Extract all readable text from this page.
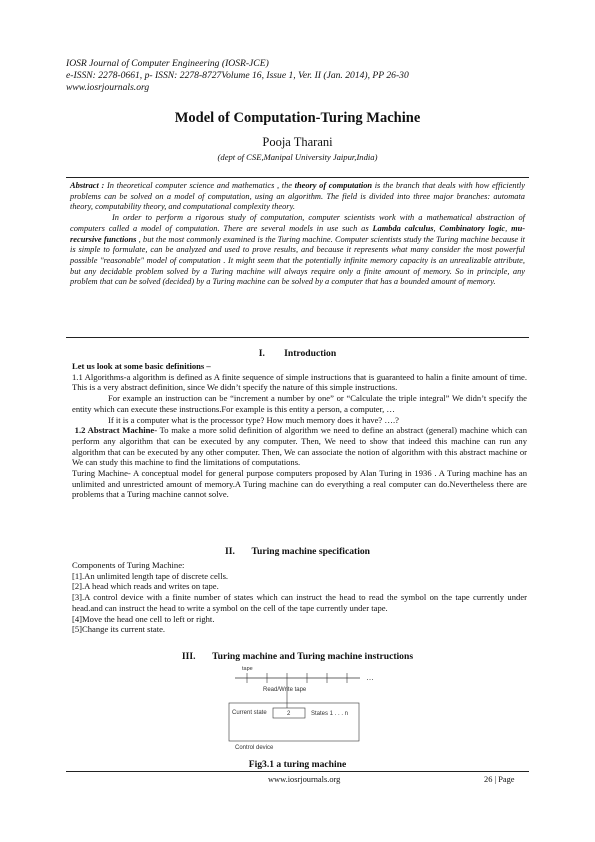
IOSR Journal of Computer Engineering (IOSR-JCE)
e-ISSN: 2278-0661, p- ISSN: 2278-8727Volume 16, Issue 1, Ver. II (Jan. 2014), PP 26-30
www.iosrjournals.org
Model of Computation-Turing Machine
Pooja Tharani
(dept of CSE,Manipal University Jaipur,India)

Abstract : In theoretical computer science and mathematics , the theory of computation is the branch that deals with how efficiently problems can be solved on a model of computation, using an algorithm. The field is divided into three major branches: automata theory, computability theory, and computational complexity theory.

In order to perform a rigorous study of computation, computer scientists work with a mathematical abstraction of computers called a model of computation. There are several models in use such as Lambda calculus, Combinatory logic, mu-recursive functions , but the most commonly examined is the Turing machine. Computer scientists study the Turing machine because it is simple to formulate, can be analyzed and used to prove results, and because it represents what many consider the most powerful possible "reasonable" model of computation . It might seem that the potentially infinite memory capacity is an unrealizable attribute, but any decidable problem solved by a Turing machine will always require only a finite amount of memory. So in principle, any problem that can be solved (decided) by a Turing machine can be solved by a computer that has a bounded amount of memory.

I. Introduction

Let us look at some basic definitions –

1.1 Algorithms-a algorithm is defined as A finite sequence of simple instructions that is guaranteed to halin a finite amount of time. This is a very abstract definition, since We didn’t specify the nature of this simple instructions.

For example an instruction can be “increment a number by one” or “Calculate the triple integral” We didn’t specify the entity which can execute these instructions.For example is this entity a person, a computer, …

If it is a computer what is the processor type? How much memory does it have? ….?

1.2 Abstract Machine- To make a more solid definition of algorithm we need to define an abstract (general) machine which can perform any algorithm that can be executed by any computer. Then, We need to show that indeed this machine can run any algorithm that can be executed by any other computer. Then, We can associate the notion of algorithm with this abstract machine or We can study this machine to find the limitations of computations.

Turing Machine- A conceptual model for general purpose computers proposed by Alan Turing in 1936 . A Turing machine has an unlimited and unrestricted amount of memory.A Turing machine can do everything a real computer can do.Nevertheless there are problems that a Turing machine cannot solve.

II. Turing machine specification

Components of Turing Machine:

[1].An unlimited length tape of discrete cells.

[2].A head which reads and writes on tape.

[3].A control device with a finite number of states which can instruct the head to read the symbol on the tape currently under head.and can instruct the head to write a symbol on the cell of the tape currently under tape.

[4]Move the head one cell to left or right.

[5]Change its current state.

III. Turing machine and Turing machine instructions
tape
…
Read/Write tape
Current state	2	States 1 . . . n
Control device
Fig3.1 a turing machine
www.iosrjournals.org	26 | Page
